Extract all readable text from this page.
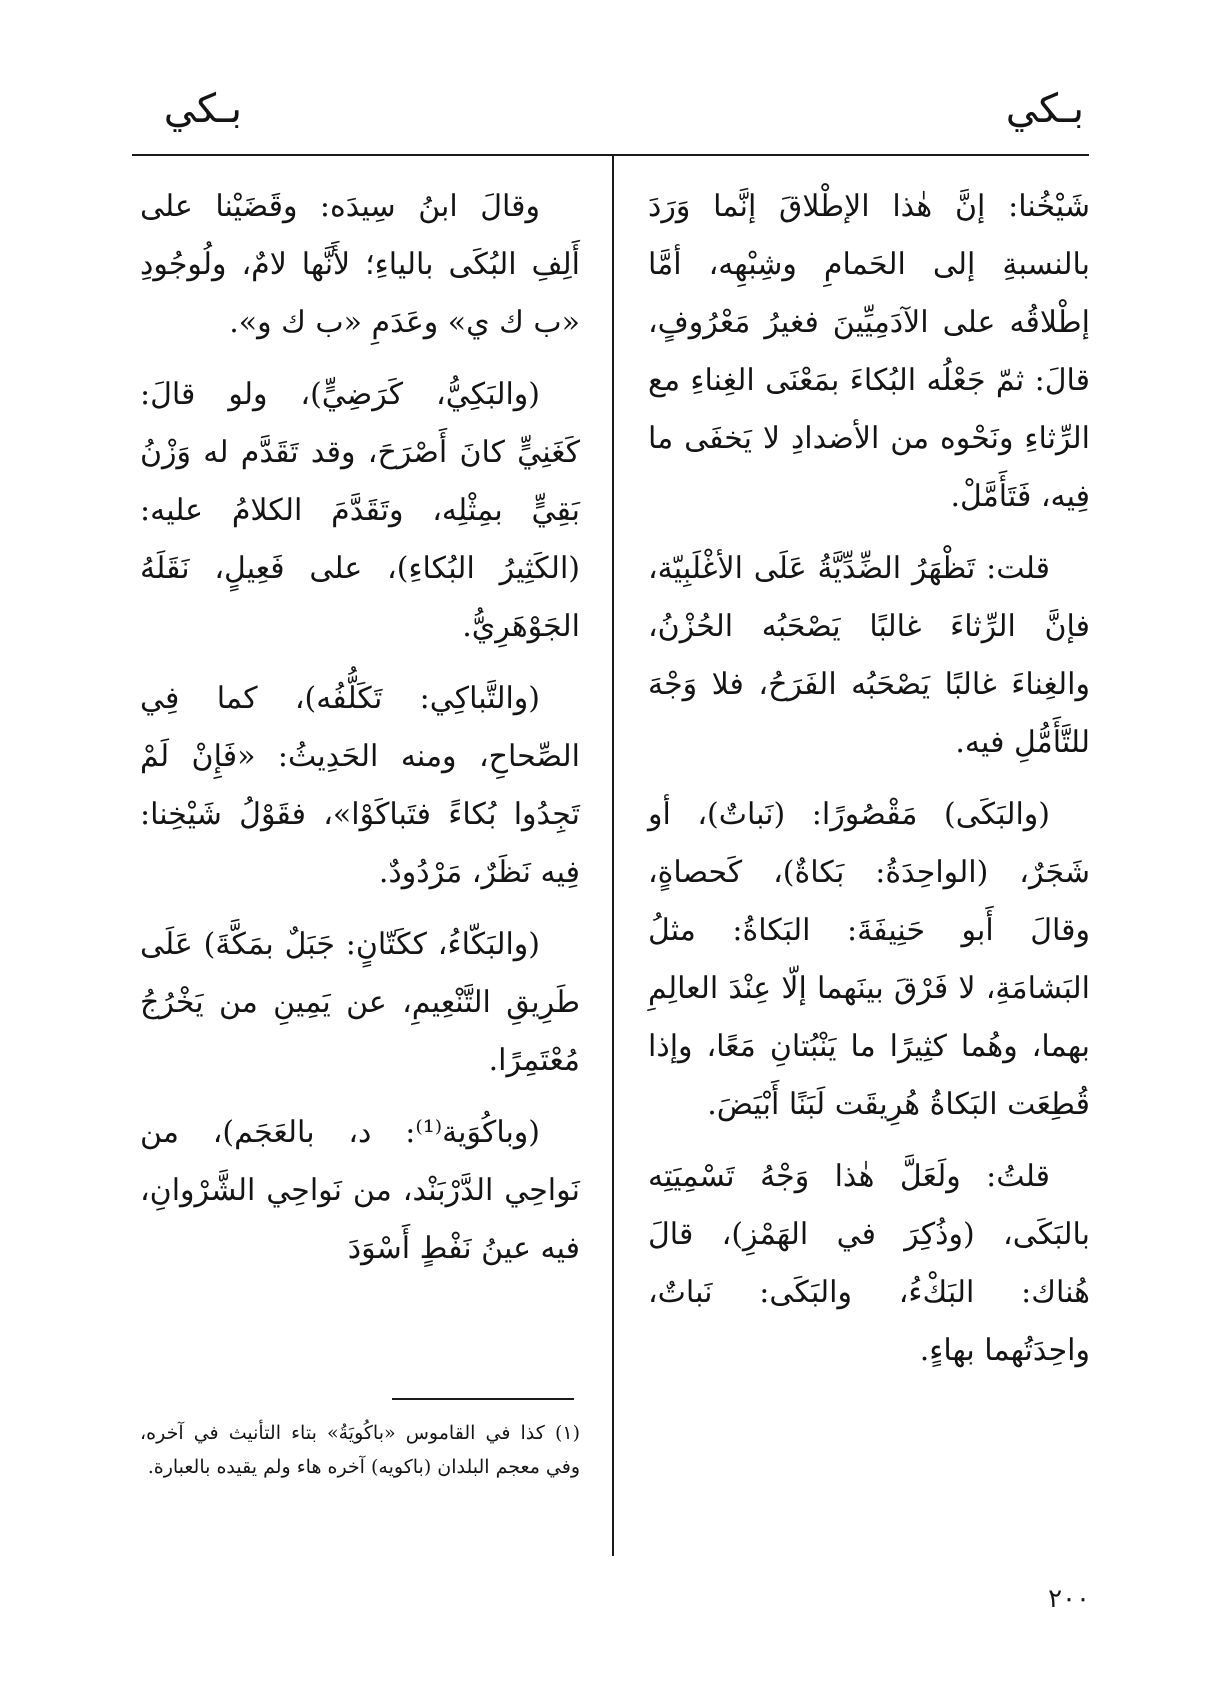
بـكي
بـكي

شَيْخُنا: إنَّ هٰذا الإطْلاقَ إنَّما وَرَدَ بالنسبةِ إلى الحَمامِ وشِبْهِه، أمَّا إطْلاقُه على الآدَمِيِّينَ فغيرُ مَعْرُوفٍ، قالَ: ثمّ جَعْلُه البُكاءَ بمَعْنَى الغِناءِ مع الرِّثاءِ ونَحْوه من الأضدادِ لا يَخفَى ما فِيه، فَتَأَمَّلْ.

قلت: تَظْهَرُ الضِّدِّيَّةُ عَلَى الأغْلَبِيّة، فإنَّ الرِّثاءَ غالبًا يَصْحَبُه الحُزْنُ، والغِناءَ غالبًا يَصْحَبُه الفَرَحُ، فلا وَجْهَ للتَّأَمُّلِ فيه.

(والبَكَى) مَقْصُورًا: (نَباتٌ)، أو شَجَرٌ، (الواحِدَةُ: بَكاةٌ)، كَحصاةٍ، وقالَ أَبو حَنِيفَةَ: البَكاةُ: مثلُ البَشامَةِ، لا فَرْقَ بينَهما إلّا عِنْدَ العالِمِ بهما، وهُما كثِيرًا ما يَنْبُتانِ مَعًا، وإذا قُطِعَت البَكاةُ هُرِيقَت لَبَنًا أَبْيَضَ.

قلتُ: ولَعَلَّ هٰذا وَجْهُ تَسْمِيَتِه بالبَكَى، (وذُكِرَ في الهَمْزِ)، قالَ هُناك: البَكْءُ، والبَكَى: نَباتٌ، واحِدَتُهما بهاءٍ.

وقالَ ابنُ سِيدَه: وقَضَيْنا على أَلِفِ البُكَى بالياءِ؛ لأَنَّها لامٌ، ولُوجُودِ «ب ك ي» وعَدَمِ «ب ك و».

(والبَكِيُّ، كَرَضِيٍّ)، ولو قالَ: كَغَنِيٍّ كانَ أَصْرَحَ، وقد تَقَدَّم له وَزْنُ بَقِيٍّ بمِثْلِه، وتَقَدَّمَ الكلامُ عليه: (الكَثِيرُ البُكاءِ)، على فَعِيلٍ، نَقَلَهُ الجَوْهَرِيُّ.

(والتَّباكِي: تَكَلُّفُه)، كما فِي الصِّحاحِ، ومنه الحَدِيثُ: «فَإِنْ لَمْ تَجِدُوا بُكاءً فتَباكَوْا»، فقَوْلُ شَيْخِنا: فِيه نَظَرٌ، مَرْدُودٌ.

(والبَكّاءُ، ككَتّانٍ: جَبَلٌ بمَكَّةَ) عَلَى طَرِيقِ التَّنْعِيمِ، عن يَمِينِ من يَخْرُجُ مُعْتَمِرًا.

(وباكُوَية⁽¹⁾: د، بالعَجَم)، من نَواحِي الدَّرْبَنْد، من نَواحِي الشَّرْوانِ، فيه عينُ نَفْطٍ أَسْوَدَ

(١) كذا في القاموس «باكُويَةُ» بتاء التأنيث في آخره، وفي معجم البلدان (باكويه) آخره هاء ولم يقيده بالعبارة.
٢٠٠
